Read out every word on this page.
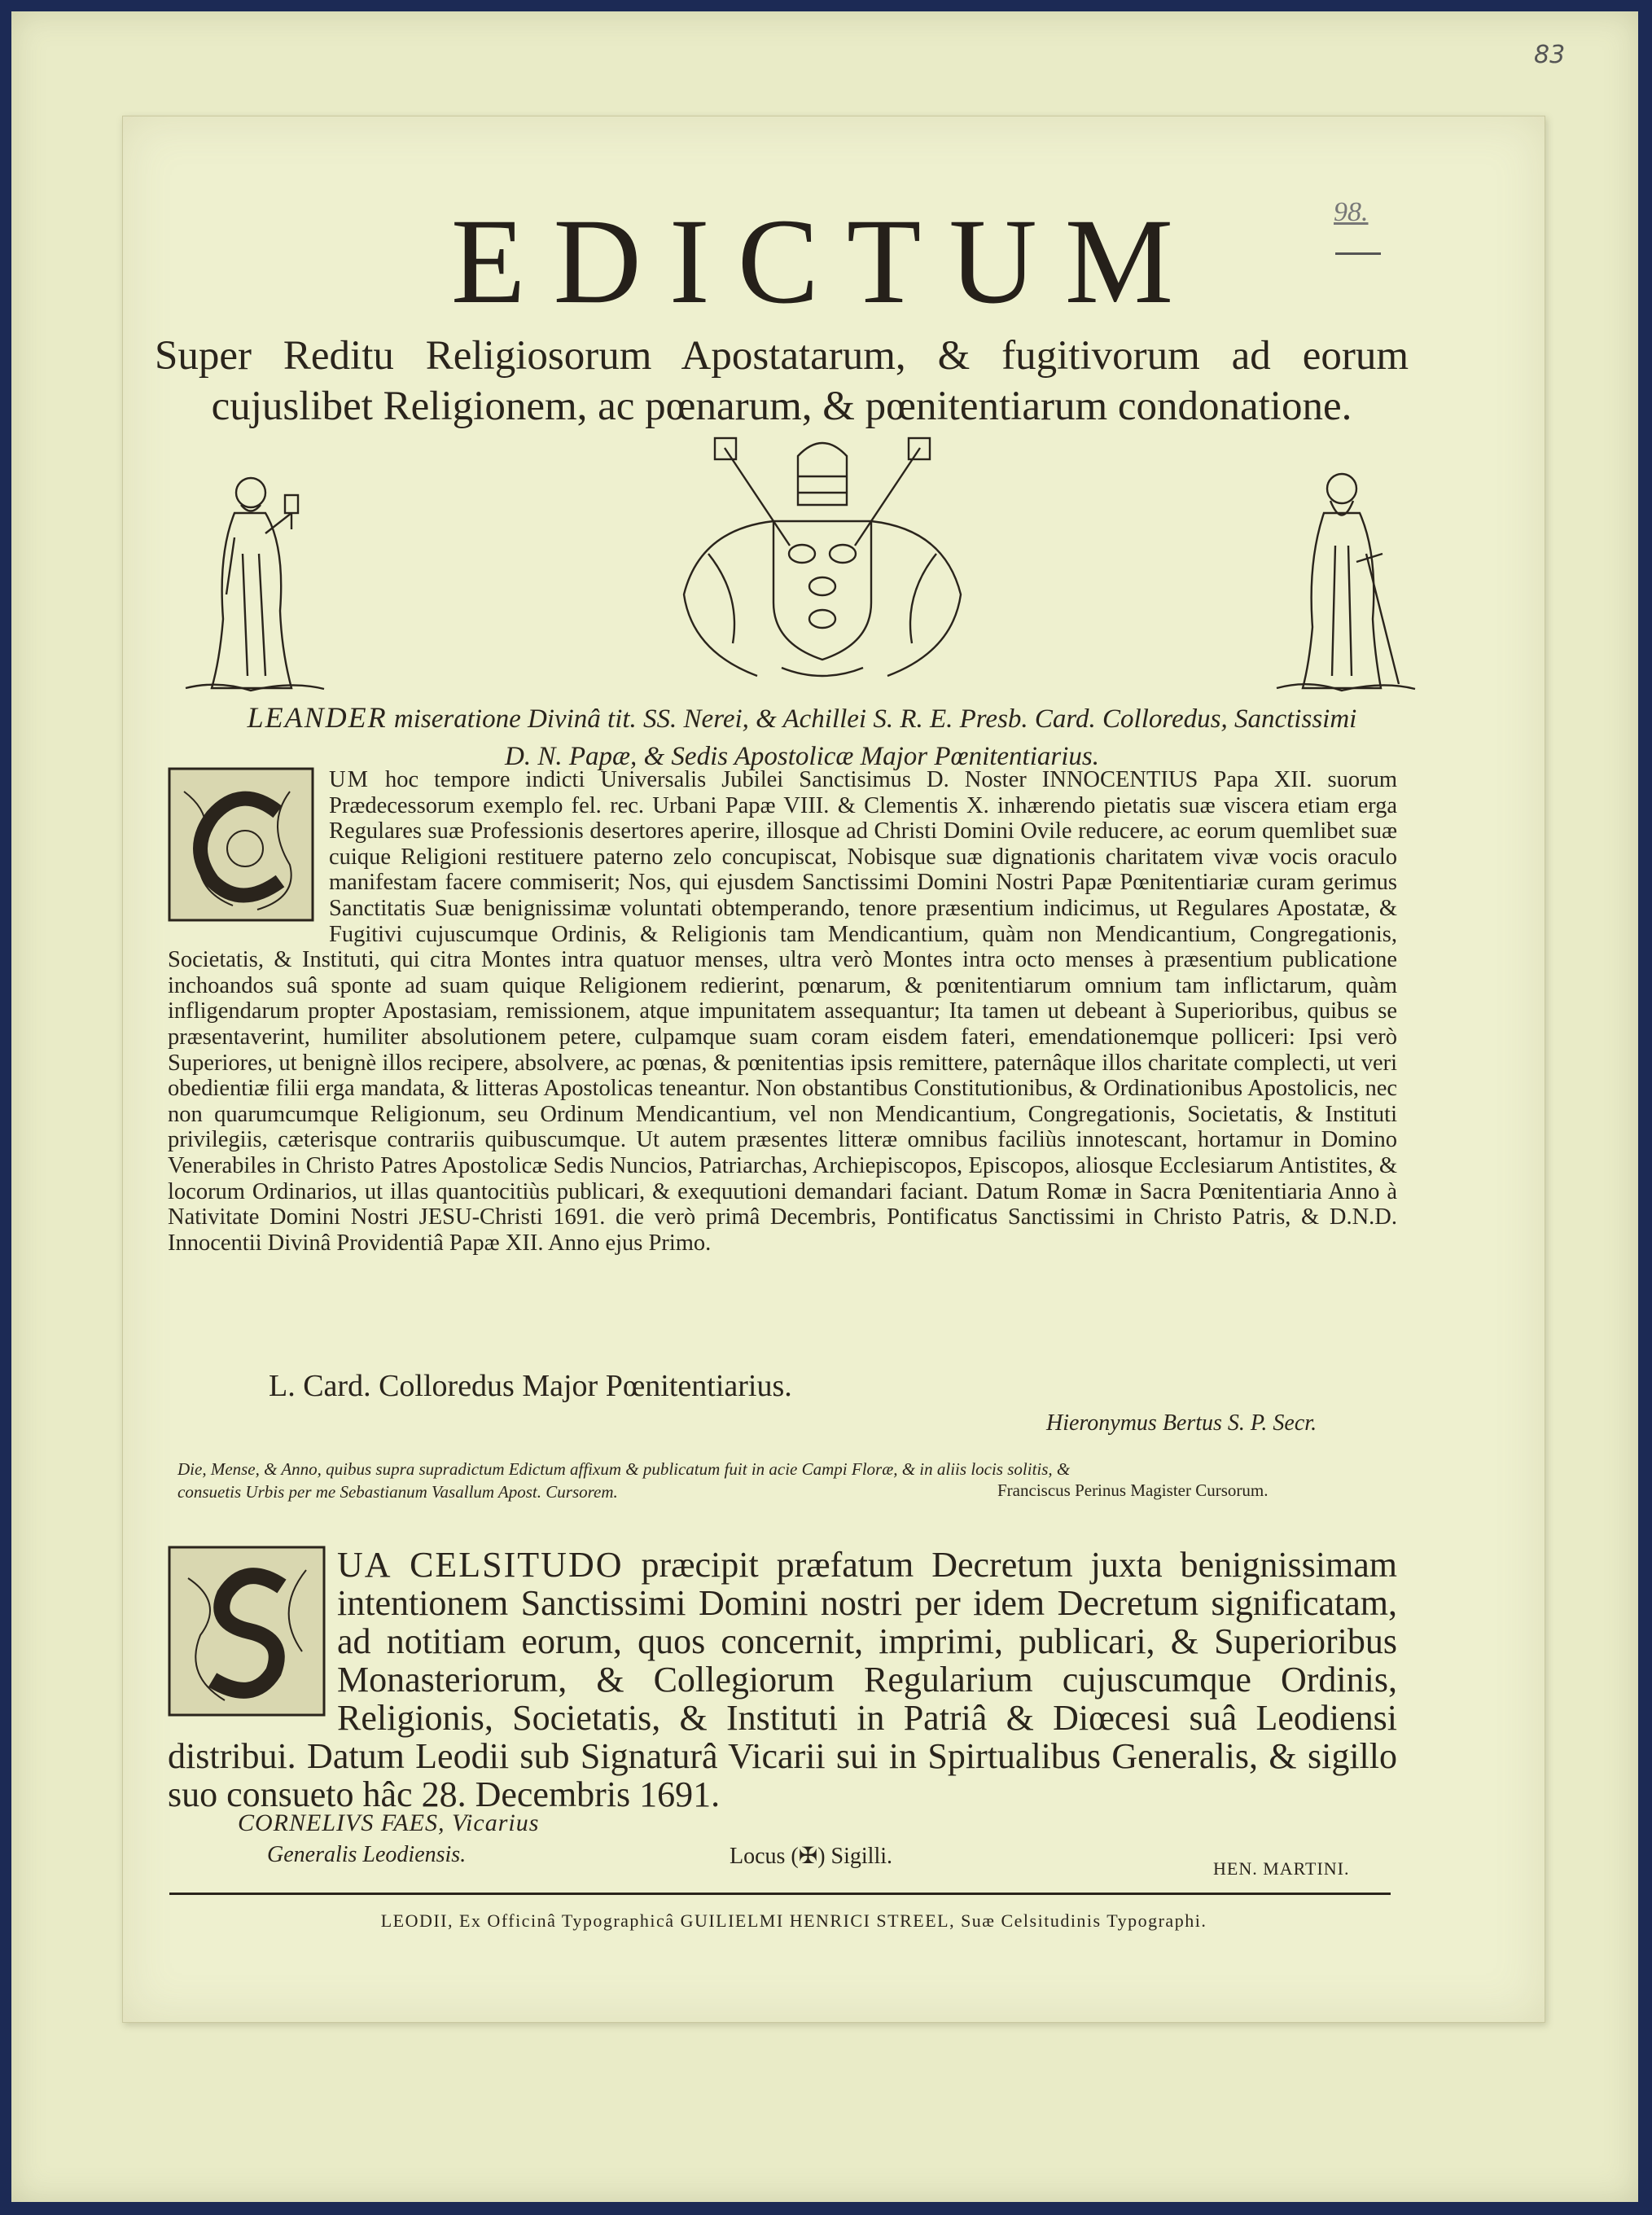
83
98.
EDICTUM
Super Reditu Religiosorum Apostatarum, & fugitivorum ad eorum cujuslibet Religionem, ac pœnarum, & pœnitentiarum condonatione.
LEANDER miseratione Divinâ tit. SS. Nerei, & Achillei S. R. E. Presb. Card. Colloredus, Sanctissimi
D. N. Papæ, & Sedis Apostolicæ Major Pœnitentiarius.
UM hoc tempore indicti Universalis Jubilei Sanctisimus D. Noster INNOCENTIUS Papa XII. suorum Prædecessorum exemplo fel. rec. Urbani Papæ VIII. & Clementis X. inhærendo pietatis suæ viscera etiam erga Regulares suæ Professionis desertores aperire, illosque ad Christi Domini Ovile reducere, ac eorum quemlibet suæ cuique Religioni restituere paterno zelo concupiscat, Nobisque suæ dignationis charitatem vivæ vocis oraculo manifestam facere commiserit; Nos, qui ejusdem Sanctissimi Domini Nostri Papæ Pœnitentiariæ curam gerimus Sanctitatis Suæ benignissimæ voluntati obtemperando, tenore præsentium indicimus, ut Regulares Apostatæ, & Fugitivi cujuscumque Ordinis, & Religionis tam Mendicantium, quàm non Mendicantium, Congregationis, Societatis, & Instituti, qui citra Montes intra quatuor menses, ultra verò Montes intra octo menses à præsentium publicatione inchoandos suâ sponte ad suam quique Religionem redierint, pœnarum, & pœnitentiarum omnium tam inflictarum, quàm infligendarum propter Apostasiam, remissionem, atque impunitatem assequantur; Ita tamen ut debeant à Superioribus, quibus se præsentaverint, humiliter absolutionem petere, culpamque suam coram eisdem fateri, emendationemque polliceri: Ipsi verò Superiores, ut benignè illos recipere, absolvere, ac pœnas, & pœnitentias ipsis remittere, paternâque illos charitate complecti, ut veri obedientiæ filii erga mandata, & litteras Apostolicas teneantur. Non obstantibus Constitutionibus, & Ordinationibus Apostolicis, nec non quarumcumque Religionum, seu Ordinum Mendicantium, vel non Mendicantium, Congregationis, Societatis, & Instituti privilegiis, cæterisque contrariis quibuscumque. Ut autem præsentes litteræ omnibus faciliùs innotescant, hortamur in Domino Venerabiles in Christo Patres Apostolicæ Sedis Nuncios, Patriarchas, Archiepiscopos, Episcopos, aliosque Ecclesiarum Antistites, & locorum Ordinarios, ut illas quantocitiùs publicari, & exequutioni demandari faciant. Datum Romæ in Sacra Pœnitentiaria Anno à Nativitate Domini Nostri JESU-Christi 1691. die verò primâ Decembris, Pontificatus Sanctissimi in Christo Patris, & D.N.D. Innocentii Divinâ Providentiâ Papæ XII. Anno ejus Primo.
L. Card. Colloredus Major Pœnitentiarius.
Hieronymus Bertus S. P. Secr.
Die, Mense, & Anno, quibus supra supradictum Edictum affixum & publicatum fuit in acie Campi Floræ, & in aliis locis solitis, & consuetis Urbis per me Sebastianum Vasallum Apost. Cursorem.	Franciscus Perinus Magister Cursorum.
UA CELSITUDO præcipit præfatum Decretum juxta benignissimam intentionem Sanctissimi Domini nostri per idem Decretum significatam, ad notitiam eorum, quos concernit, imprimi, publicari, & Superioribus Monasteriorum, & Collegiorum Regularium cujuscumque Ordinis, Religionis, Societatis, & Instituti in Patriâ & Diœcesi suâ Leodiensi distribui. Datum Leodii sub Signaturâ Vicarii sui in Spirtualibus Generalis, & sigillo suo consueto hâc 28. Decembris 1691.
CORNELIVS FAES, Vicarius
Generalis Leodiensis.	Locus (✠) Sigilli.	HEN. MARTINI.
LEODII, Ex Officinâ Typographicâ GUILIELMI HENRICI STREEL, Suæ Celsitudinis Typographi.
